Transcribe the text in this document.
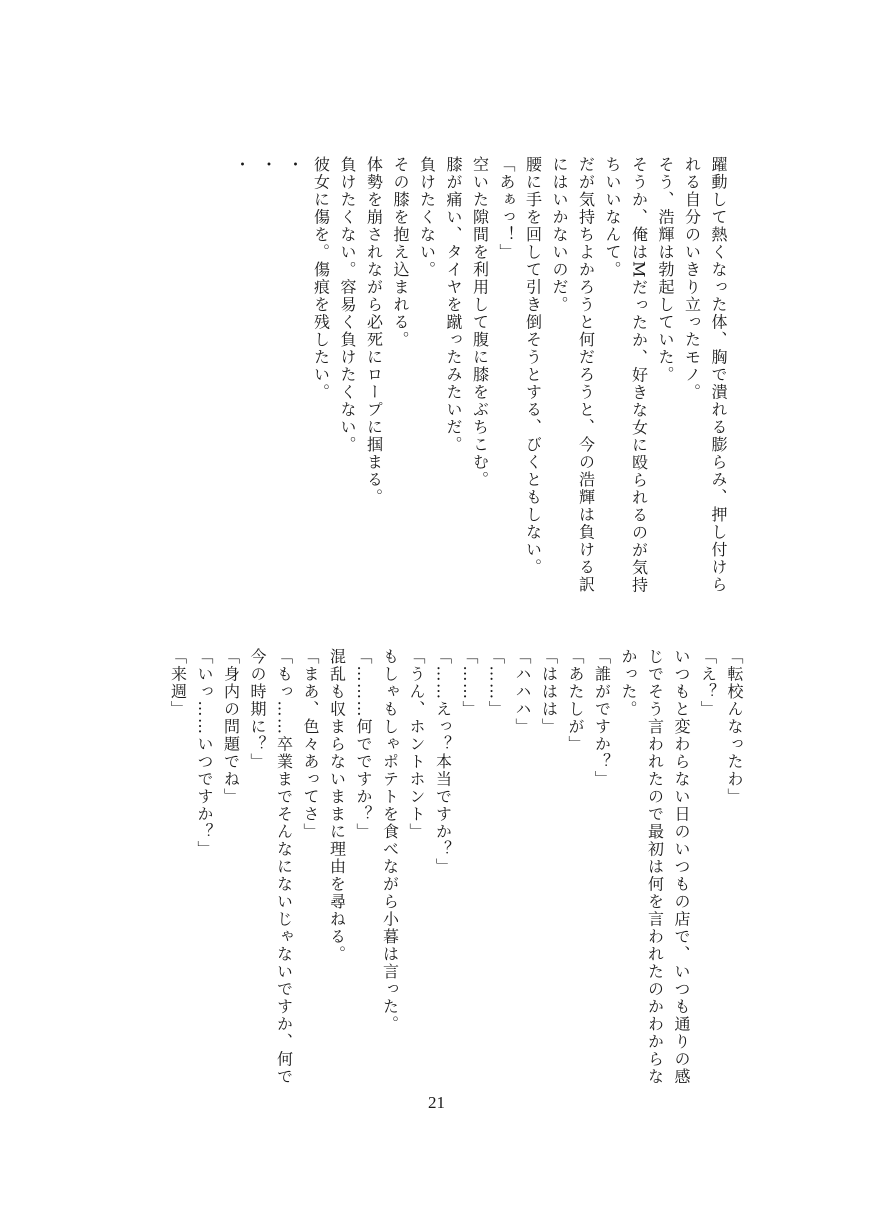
躍動して熱くなった体、胸で潰れる膨らみ、押し付けら
れる自分のいきり立ったモノ。
そう、浩輝は勃起していた。
そうか、俺はMだったか、好きな女に殴られるのが気持
ちいいなんて。
だが気持ちよかろうと何だろうと、今の浩輝は負ける訳
にはいかないのだ。
腰に手を回して引き倒そうとする、びくともしない。
「あぁっ！」
空いた隙間を利用して腹に膝をぶちこむ。
膝が痛い、タイヤを蹴ったみたいだ。
負けたくない。
その膝を抱え込まれる。
体勢を崩されながら必死にロープに掴まる。
負けたくない。容易く負けたくない。
彼女に傷を。傷痕を残したい。
・
・
・
「転校んなったわ」
「え？」
いつもと変わらない日のいつもの店で、いつも通りの感
じでそう言われたので最初は何を言われたのかわからな
かった。
「誰がですか？」
「あたしが」
「ははは」
「ハハハ」
「……」
「……」
「……えっ？本当ですか？」
「うん、ホントホント」
もしゃもしゃポテトを食べながら小暮は言った。
「………何でですか？」
混乱も収まらないままに理由を尋ねる。
「まあ、色々あってさ」
「もっ……卒業までそんなにないじゃないですか、何で
今の時期に？」
「身内の問題でね」
「いっ……いつですか？」
「来週」
21
